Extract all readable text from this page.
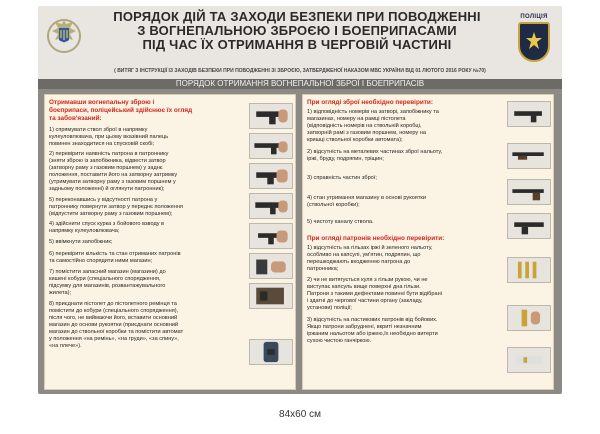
ПОРЯДОК ДІЙ ТА ЗАХОДИ БЕЗПЕКИ ПРИ ПОВОДЖЕННІ
З ВОГНЕПАЛЬНОЮ ЗБРОЄЮ І БОЕПРИПАСАМИ
ПІД ЧАС ЇХ ОТРИМАННЯ В ЧЕРГОВІЙ ЧАСТИНІ
ПОЛІЦІЯ
( ВИТЯГ З ІНСТРУКЦІЇ ІЗ ЗАХОДІВ БЕЗПЕКИ ПРИ ПОВОДЖЕННІ ЗІ ЗБРОЄЮ, ЗАТВЕРДЖЕНОЇ НАКАЗОМ МВС УКРАЇНИ ВІД 01 ЛЮТОГО 2016 РОКУ №70)
ПОРЯДОК ОТРИМАННЯ ВОГНЕПАЛЬНОЇ ЗБРОЇ І БОЕПРИПАСІВ
Отримавши вогнепальну зброю і
боєприпаси, поліцейський здійснює їх огляд
та забов'язаний:
1) спрямувати ствол зброї в напрямку
кулеуловлювача, при цьому вказівний палець
повинен знаходитися на спусковій скобі;
2) перевірити наявність патрона в патроннику
(зняти зброю із запобіжника, відвести затвор
(затворну раму з газовим поршнем) у заднє
положення, поставити його на затворну затримку
(утримувати затворну раму з газовим поршнем у
задньому положенні) й оглянути патронник);
5) переконавшись у відсутності патрона у
патроннику повернути затвор у переднє положення
(відпустити затворну раму з газовим поршнем);
4) здійснити спуск курка з бойового взводу в
напрямку кулеуловлювача;
5) ввімкнути запобіжник;
6) перевірити кількість та стан отриманих патронів
та самостійно спорядити ними магазин;
7) помістити запасний магазин (магазини) до
кишені кобури (спеціального спорядження,
підсумку для магазинів, розвантажувального
жилета);
8) приєднати пістолет до пістолетного ремінця та
помістити до кобури (спеціального спорядження),
після чого, не виймаючи його, вставити основний
магазин до основи рукоятки (приєднати основний
магазин до ствольної коробки та помістити автомат
у положення «на ремінь», «на груди», «за спину»,
«на плече»).
При огляді зброї необхідно перевірити:
1) відповідність номерів на затворі, запобіжнику та
магазинах, номеру на рамці пістолета
(відповідність номерів на ствольній коробці,
затворній рамі з газовим поршнем, номеру на
кришці ствольної коробки автомата);
2) відсутність на металевих частинах зброї нальоту,
іржі, бруду, подряпин, тріщин;
3) справність частин зброї;
4) стан утримання магазину в основі рукоятки
(ствольної коробки);
5) чистоту каналу ствола.
При огляді патронів необхідно перевірити:
1) відсутність на гільзах іржі й зеленого нальоту,
особливо на капсулі, ум'ятин, подряпин, що
перешкоджають входженню патрона до
патронника;
2) чи не витягується куля з гільзи рукою, чи не
виступає капсуль вище поверхні дна гільзи.
Патрони з такими дефектами повинні бути відібрані
і здатні до чергової частини органу (закладу,
установи) поліції;
3) відсутність на пастикових патронів від бойових.
Якщо патрони забруднені, вкриті незначним
іржаним нальотом або іржею,їх необхідно витерти
сухою чистою ганчіркою.
84х60 см
